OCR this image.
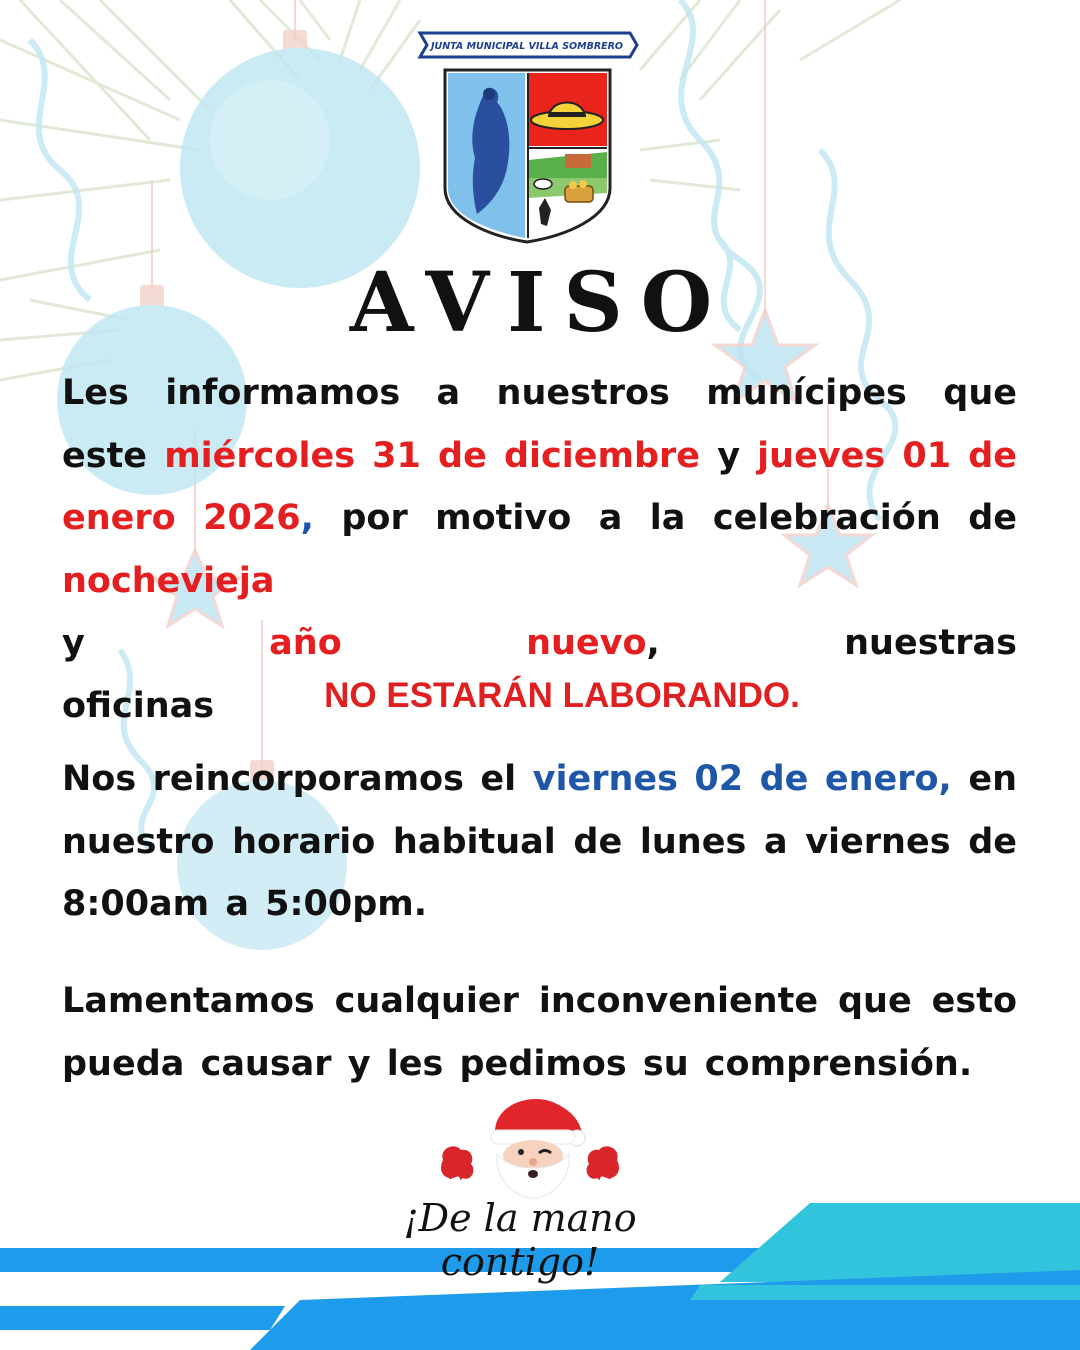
JUNTA MUNICIPAL VILLA SOMBRERO
AVISO
Les informamos a nuestros munícipes que este miércoles 31 de diciembre y jueves 01 de enero 2026, por motivo a la celebración de nochevieja
y	año	nuevo,	nuestras
oficinas	NO ESTARÁN LABORANDO.
Nos reincorporamos el viernes 02 de enero, en nuestro horario habitual de lunes a viernes de 8:00am a 5:00pm.
Lamentamos cualquier inconveniente que esto pueda causar y les pedimos su comprensión.
¡De la mano contigo!
